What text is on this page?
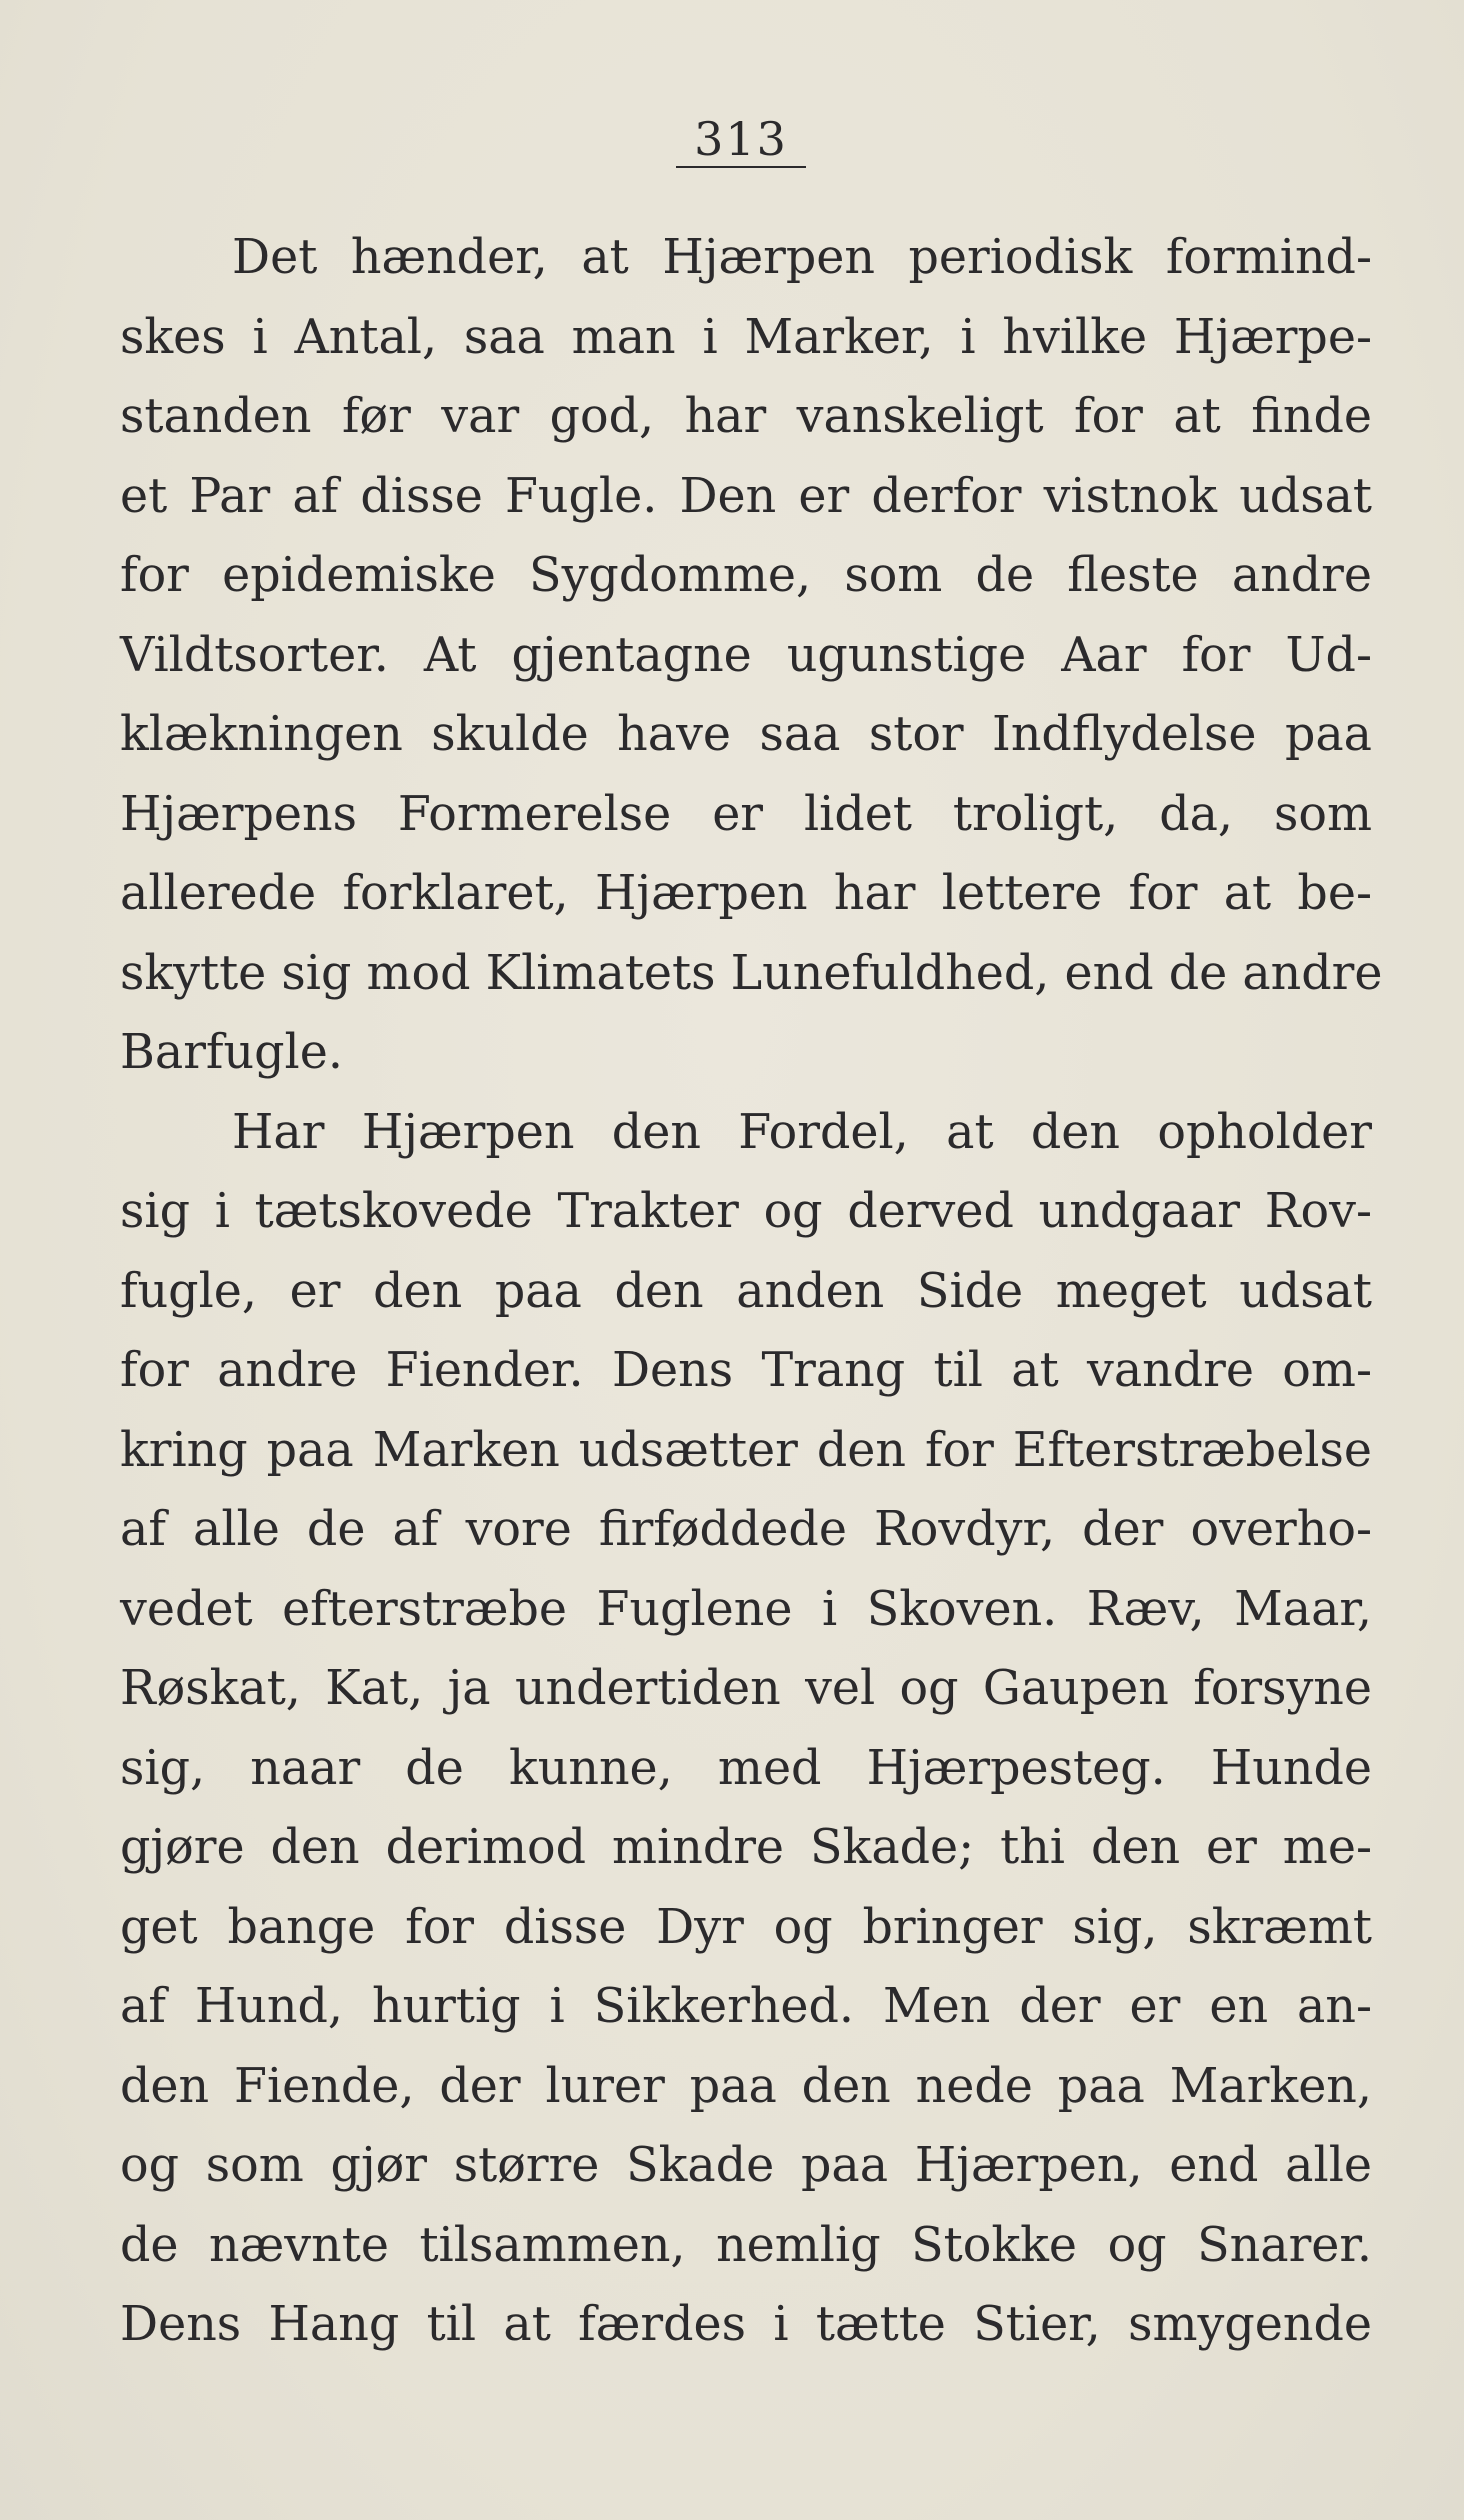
313
Det hænder, at Hjærpen periodisk formind-
skes i Antal, saa man i Marker, i hvilke Hjærpe-
standen før var god, har vanskeligt for at finde
et Par af disse Fugle. Den er derfor vistnok udsat
for epidemiske Sygdomme, som de fleste andre
Vildtsorter. At gjentagne ugunstige Aar for Ud-
klækningen skulde have saa stor Indflydelse paa
Hjærpens Formerelse er lidet troligt, da, som
allerede forklaret, Hjærpen har lettere for at be-
skytte sig mod Klimatets Lunefuldhed, end de andre
Barfugle.
Har Hjærpen den Fordel, at den opholder
sig i tætskovede Trakter og derved undgaar Rov-
fugle, er den paa den anden Side meget udsat
for andre Fiender. Dens Trang til at vandre om-
kring paa Marken udsætter den for Efterstræbelse
af alle de af vore firføddede Rovdyr, der overho-
vedet efterstræbe Fuglene i Skoven. Ræv, Maar,
Røskat, Kat, ja undertiden vel og Gaupen forsyne
sig, naar de kunne, med Hjærpesteg. Hunde
gjøre den derimod mindre Skade; thi den er me-
get bange for disse Dyr og bringer sig, skræmt
af Hund, hurtig i Sikkerhed. Men der er en an-
den Fiende, der lurer paa den nede paa Marken,
og som gjør større Skade paa Hjærpen, end alle
de nævnte tilsammen, nemlig Stokke og Snarer.
Dens Hang til at færdes i tætte Stier, smygende
